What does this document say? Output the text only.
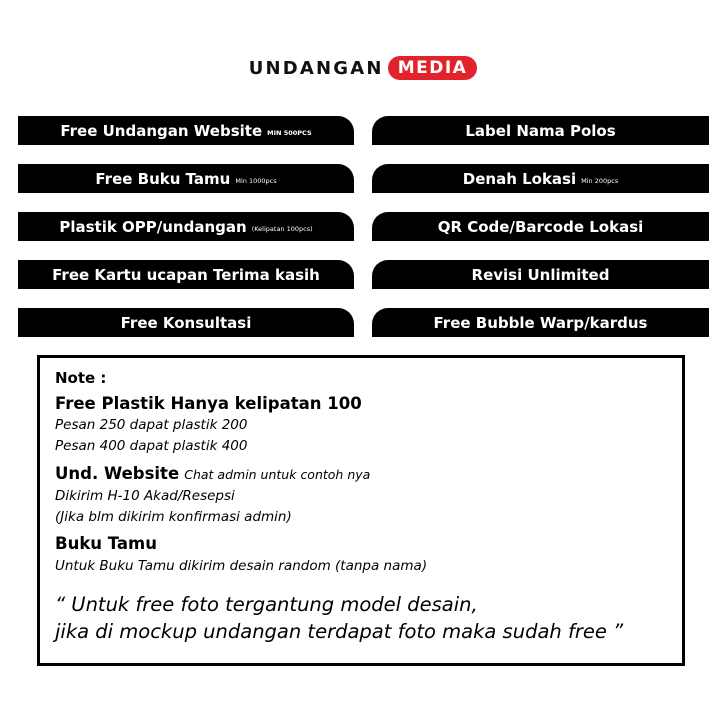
UNDANGAN MEDIA
Free Undangan Website MIN 500PCS
Free Buku Tamu Min 1000pcs
Plastik OPP/undangan (Kelipatan 100pcs)
Free Kartu ucapan Terima kasih
Free Konsultasi
Label Nama Polos
Denah Lokasi Min 200pcs
QR Code/Barcode Lokasi
Revisi Unlimited
Free Bubble Warp/kardus
Note :
Free Plastik Hanya kelipatan 100
Pesan 250 dapat plastik 200
Pesan 400 dapat plastik 400
Und. Website Chat admin untuk contoh nya
Dikirim H-10 Akad/Resepsi
(Jika blm dikirim konfirmasi admin)
Buku Tamu
Untuk Buku Tamu dikirim desain random (tanpa nama)
“ Untuk free foto tergantung model desain,
jika di mockup undangan terdapat foto maka sudah free ”
